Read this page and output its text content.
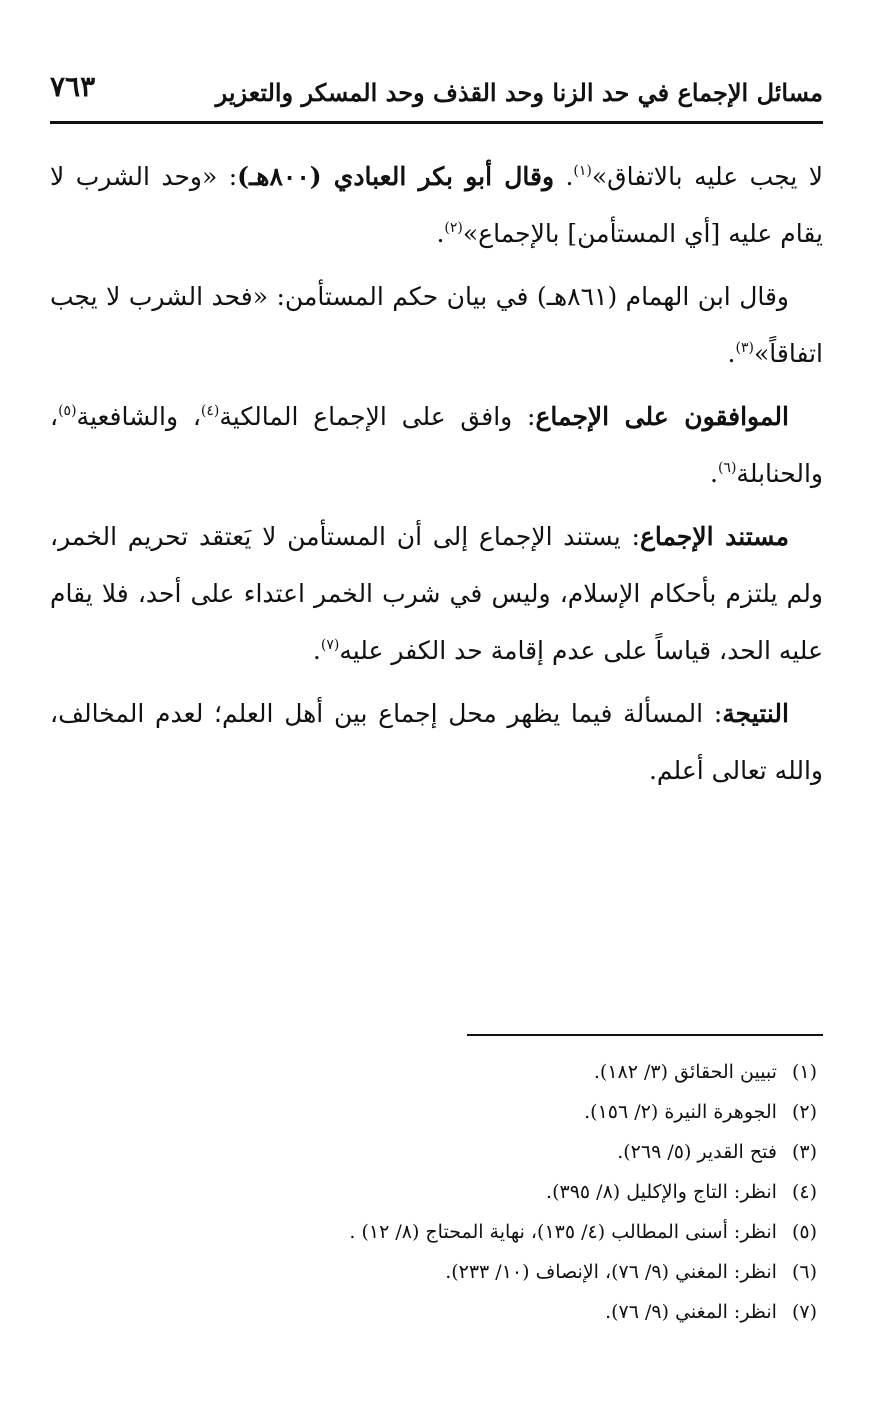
مسائل الإجماع في حد الزنا وحد القذف وحد المسكر والتعزير
٧٦٣

لا يجب عليه بالاتفاق»$^{(١)}$. وقال أبو بكر العبادي (٨٠٠هـ): «وحد الشرب لا يقام عليه [أي المستأمن] بالإجماع»$^{(٢)}$.

وقال ابن الهمام (٨٦١هـ) في بيان حكم المستأمن: «فحد الشرب لا يجب اتفاقاً»$^{(٣)}$.

الموافقون على الإجماع: وافق على الإجماع المالكية$^{(٤)}$، والشافعية$^{(٥)}$، والحنابلة$^{(٦)}$.

مستند الإجماع: يستند الإجماع إلى أن المستأمن لا يَعتقد تحريم الخمر، ولم يلتزم بأحكام الإسلام، وليس في شرب الخمر اعتداء على أحد، فلا يقام عليه الحد، قياساً على عدم إقامة حد الكفر عليه$^{(٧)}$.

النتيجة: المسألة فيما يظهر محل إجماع بين أهل العلم؛ لعدم المخالف، والله تعالى أعلم.

(١) تبيين الحقائق (٣/ ١٨٢).
(٢) الجوهرة النيرة (٢/ ١٥٦).
(٣) فتح القدير (٥/ ٢٦٩).
(٤) انظر: التاج والإكليل (٨/ ٣٩٥).
(٥) انظر: أسنى المطالب (٤/ ١٣٥)، نهاية المحتاج (٨/ ١٢) .
(٦) انظر: المغني (٩/ ٧٦)، الإنصاف (١٠/ ٢٣٣).
(٧) انظر: المغني (٩/ ٧٦).
